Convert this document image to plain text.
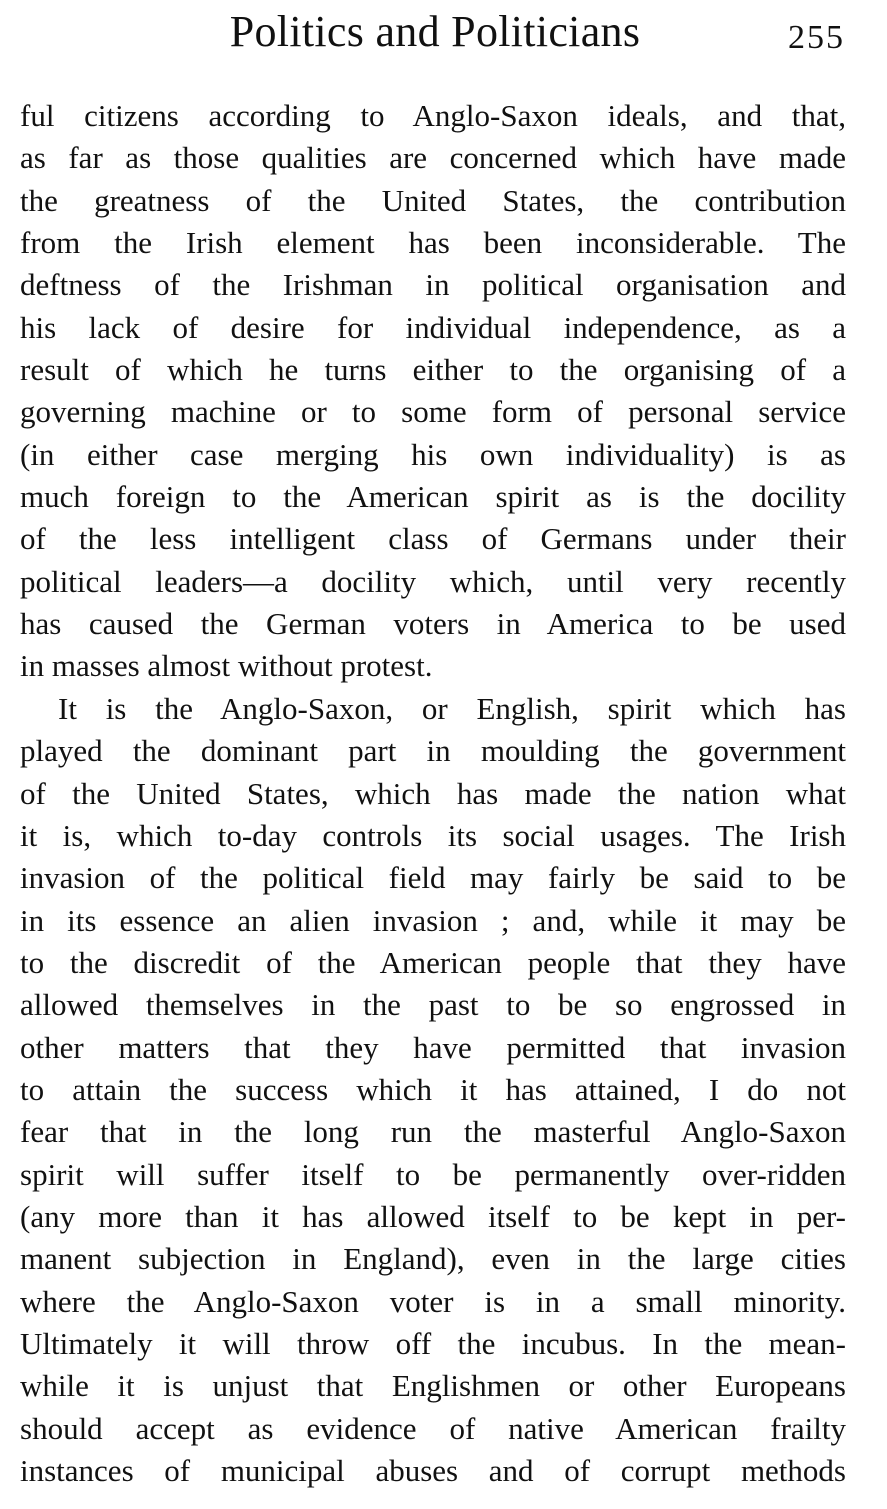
Politics and Politicians	255
ful citizens according to Anglo-Saxon ideals, and that,
as far as those qualities are concerned which have made
the greatness of the United States, the contribution
from the Irish element has been inconsiderable. The
deftness of the Irishman in political organisation and
his lack of desire for individual independence, as a
result of which he turns either to the organising of a
governing machine or to some form of personal service
(in either case merging his own individuality) is as
much foreign to the American spirit as is the docility
of the less intelligent class of Germans under their
political leaders—a docility which, until very recently
has caused the German voters in America to be used
in masses almost without protest.
It is the Anglo-Saxon, or English, spirit which has
played the dominant part in moulding the government
of the United States, which has made the nation what
it is, which to-day controls its social usages. The Irish
invasion of the political field may fairly be said to be
in its essence an alien invasion ; and, while it may be
to the discredit of the American people that they have
allowed themselves in the past to be so engrossed in
other matters that they have permitted that invasion
to attain the success which it has attained, I do not
fear that in the long run the masterful Anglo-Saxon
spirit will suffer itself to be permanently over-ridden
(any more than it has allowed itself to be kept in per-
manent subjection in England), even in the large cities
where the Anglo-Saxon voter is in a small minority.
Ultimately it will throw off the incubus. In the mean-
while it is unjust that Englishmen or other Europeans
should accept as evidence of native American frailty
instances of municipal abuses and of corrupt methods
